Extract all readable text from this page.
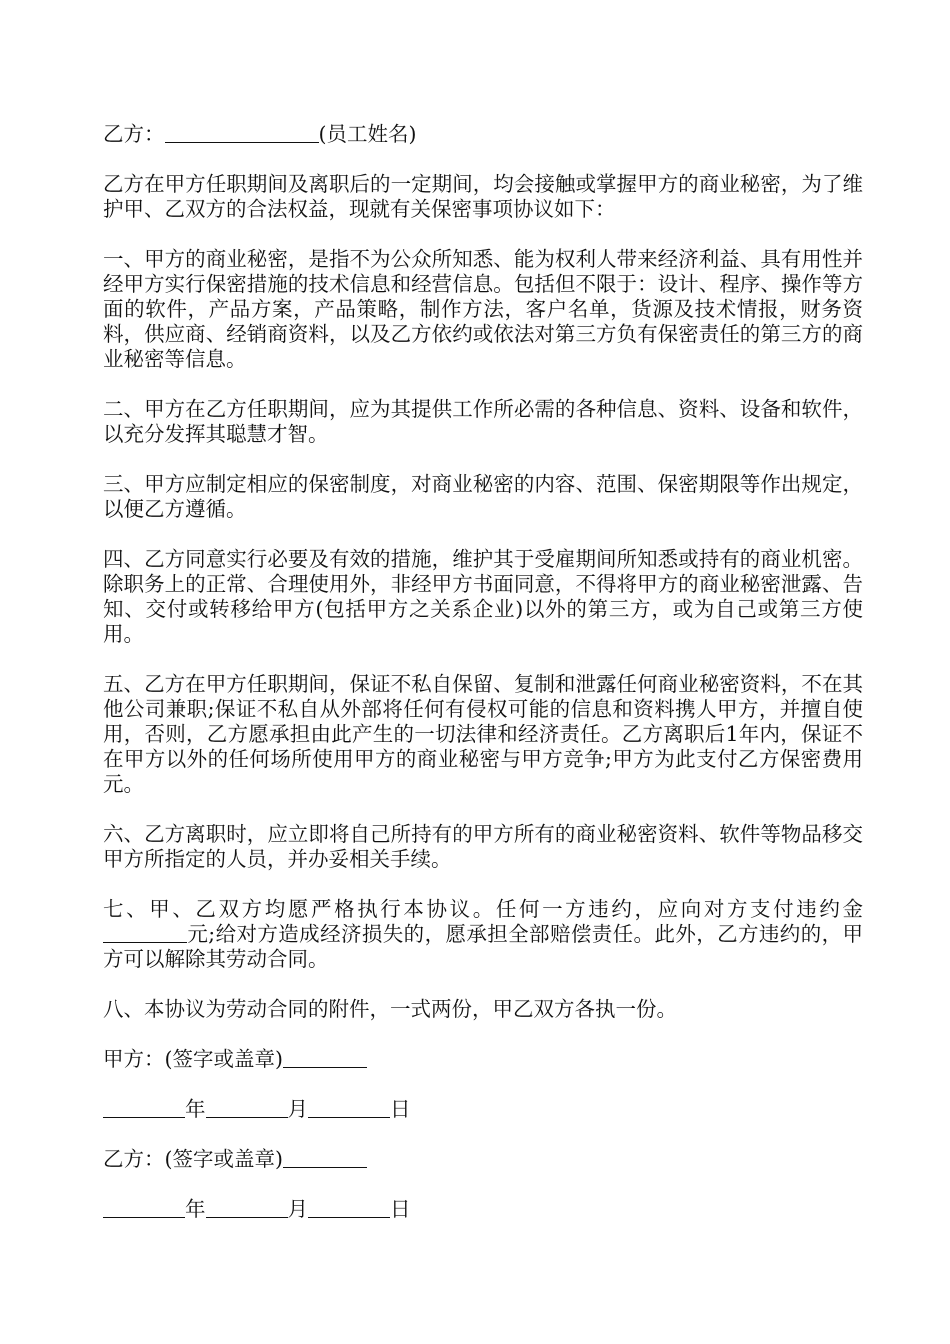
乙方：	(员工姓名)

乙方在甲方任职期间及离职后的一定期间，均会接触或掌握甲方的商业秘密，为了维护甲、乙双方的合法权益，现就有关保密事项协议如下：

一、甲方的商业秘密，是指不为公众所知悉、能为权利人带来经济利益、具有用性并经甲方实行保密措施的技术信息和经营信息。包括但不限于：设计、程序、操作等方面的软件，产品方案，产品策略，制作方法，客户名单，货源及技术情报，财务资料，供应商、经销商资料，以及乙方依约或依法对第三方负有保密责任的第三方的商业秘密等信息。

二、甲方在乙方任职期间，应为其提供工作所必需的各种信息、资料、设备和软件，以充分发挥其聪慧才智。

三、甲方应制定相应的保密制度，对商业秘密的内容、范围、保密期限等作出规定，以便乙方遵循。

四、乙方同意实行必要及有效的措施，维护其于受雇期间所知悉或持有的商业机密。除职务上的正常、合理使用外，非经甲方书面同意，不得将甲方的商业秘密泄露、告知、交付或转移给甲方(包括甲方之关系企业)以外的第三方，或为自己或第三方使用。

五、乙方在甲方任职期间，保证不私自保留、复制和泄露任何商业秘密资料，不在其他公司兼职;保证不私自从外部将任何有侵权可能的信息和资料携人甲方，并擅自使用，否则，乙方愿承担由此产生的一切法律和经济责任。乙方离职后1年内，保证不在甲方以外的任何场所使用甲方的商业秘密与甲方竞争;甲方为此支付乙方保密费用元。

六、乙方离职时，应立即将自己所持有的甲方所有的商业秘密资料、软件等物品移交甲方所指定的人员，并办妥相关手续。

七、甲、乙双方均愿严格执行本协议。任何一方违约，应向对方支付违约金元;给对方造成经济损失的，愿承担全部赔偿责任。此外，乙方违约的，甲方可以解除其劳动合同。

八、本协议为劳动合同的附件，一式两份，甲乙双方各执一份。

甲方：(签字或盖章)

年	月	日

乙方：(签字或盖章)

年	月	日
